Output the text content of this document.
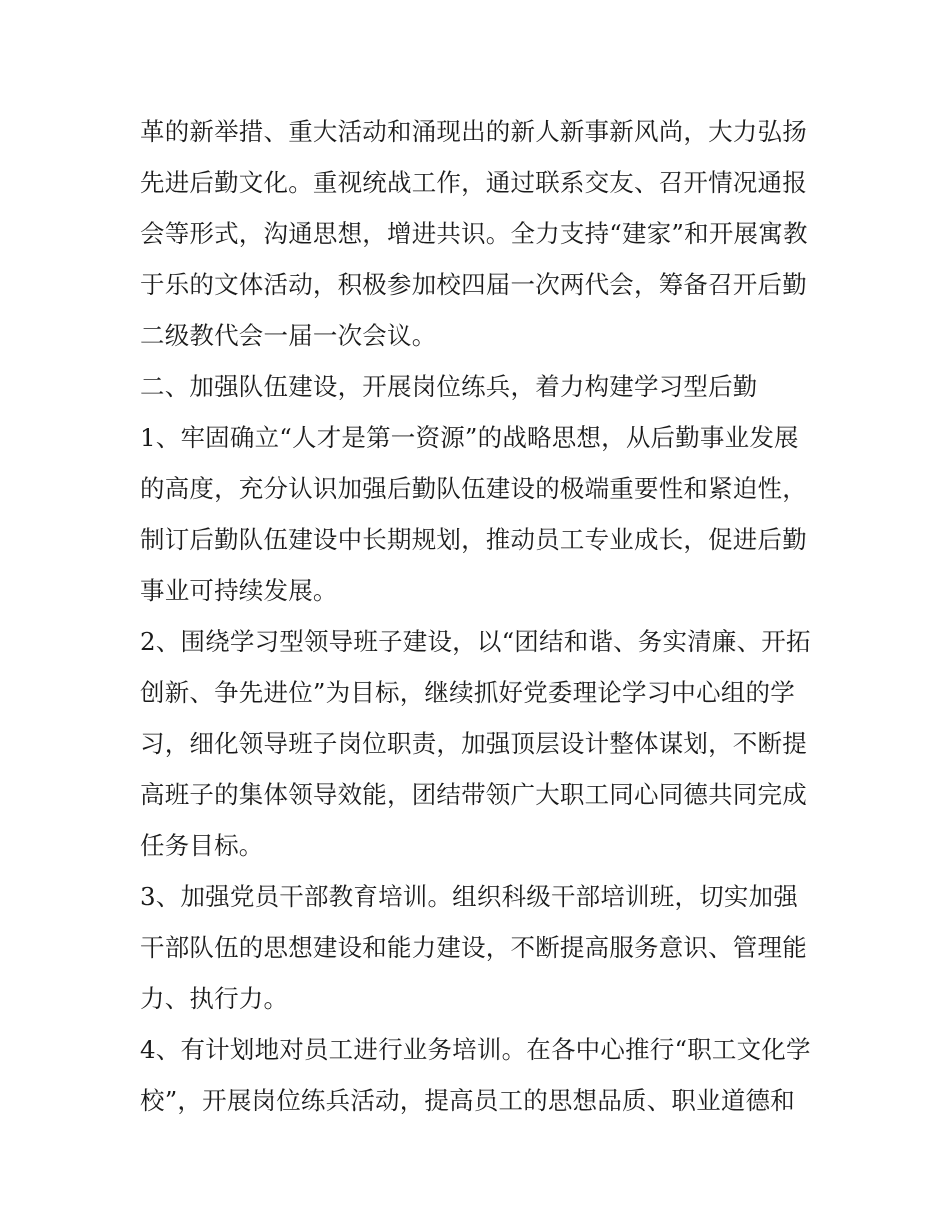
革的新举措、重大活动和涌现出的新人新事新风尚，大力弘扬
先进后勤文化。重视统战工作，通过联系交友、召开情况通报
会等形式，沟通思想，增进共识。全力支持“建家”和开展寓教
于乐的文体活动，积极参加校四届一次两代会，筹备召开后勤
二级教代会一届一次会议。
二、加强队伍建设，开展岗位练兵，着力构建学习型后勤
1、牢固确立“人才是第一资源”的战略思想，从后勤事业发展
的高度，充分认识加强后勤队伍建设的极端重要性和紧迫性，
制订后勤队伍建设中长期规划，推动员工专业成长，促进后勤
事业可持续发展。
2、围绕学习型领导班子建设，以“团结和谐、务实清廉、开拓
创新、争先进位”为目标，继续抓好党委理论学习中心组的学
习，细化领导班子岗位职责，加强顶层设计整体谋划，不断提
高班子的集体领导效能，团结带领广大职工同心同德共同完成
任务目标。
3、加强党员干部教育培训。组织科级干部培训班，切实加强
干部队伍的思想建设和能力建设，不断提高服务意识、管理能
力、执行力。
4、有计划地对员工进行业务培训。在各中心推行“职工文化学
校”，开展岗位练兵活动，提高员工的思想品质、职业道德和
